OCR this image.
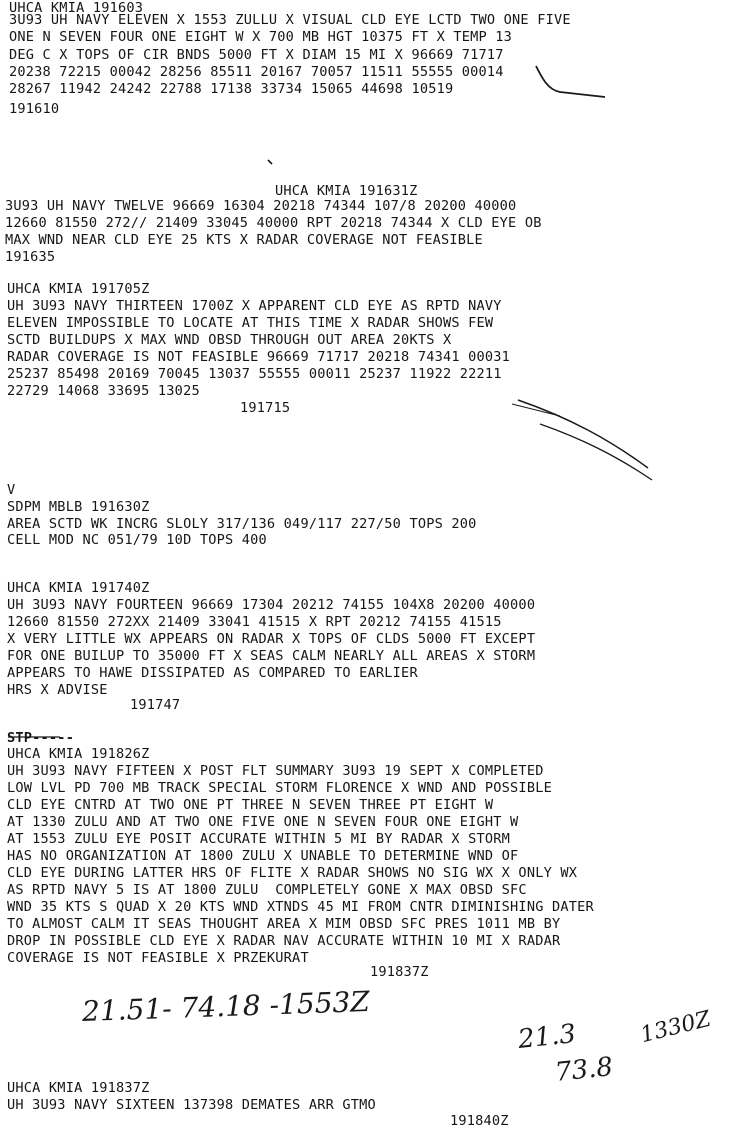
UHCA KMIA 191603
3U93 UH NAVY ELEVEN X 1553 ZULLU X VISUAL CLD EYE LCTD TWO ONE FIVE
ONE N SEVEN FOUR ONE EIGHT W X 700 MB HGT 10375 FT X TEMP 13
DEG C X TOPS OF CIR BNDS 5000 FT X DIAM 15 MI X 96669 71717
20238 72215 00042 28256 85511 20167 70057 11511 55555 00014
28267 11942 24242 22788 17138 33734 15065 44698 10519
191610
UHCA KMIA 191631Z
3U93 UH NAVY TWELVE 96669 16304 20218 74344 107/8 20200 40000
12660 81550 272// 21409 33045 40000 RPT 20218 74344 X CLD EYE OB
MAX WND NEAR CLD EYE 25 KTS X RADAR COVERAGE NOT FEASIBLE
191635
UHCA KMIA 191705Z
UH 3U93 NAVY THIRTEEN 1700Z X APPARENT CLD EYE AS RPTD NAVY
ELEVEN IMPOSSIBLE TO LOCATE AT THIS TIME X RADAR SHOWS FEW
SCTD BUILDUPS X MAX WND OBSD THROUGH OUT AREA 20KTS X
RADAR COVERAGE IS NOT FEASIBLE 96669 71717 20218 74341 00031
25237 85498 20169 70045 13037 55555 00011 25237 11922 22211
22729 14068 33695 13025
191715
V
SDPM MBLB 191630Z
AREA SCTD WK INCRG SLOLY 317/136 049/117 227/50 TOPS 200
CELL MOD NC 051/79 10D TOPS 400
UHCA KMIA 191740Z
UH 3U93 NAVY FOURTEEN 96669 17304 20212 74155 104X8 20200 40000
12660 81550 272XX 21409 33041 41515 X RPT 20212 74155 41515
X VERY LITTLE WX APPEARS ON RADAR X TOPS OF CLDS 5000 FT EXCEPT
FOR ONE BUILUP TO 35000 FT X SEAS CALM NEARLY ALL AREAS X STORM
APPEARS TO HAWE DISSIPATED AS COMPARED TO EARLIER
HRS X ADVISE
191747
STP-----
UHCA KMIA 191826Z
UH 3U93 NAVY FIFTEEN X POST FLT SUMMARY 3U93 19 SEPT X COMPLETED
LOW LVL PD 700 MB TRACK SPECIAL STORM FLORENCE X WND AND POSSIBLE
CLD EYE CNTRD AT TWO ONE PT THREE N SEVEN THREE PT EIGHT W
AT 1330 ZULU AND AT TWO ONE FIVE ONE N SEVEN FOUR ONE EIGHT W
AT 1553 ZULU EYE POSIT ACCURATE WITHIN 5 MI BY RADAR X STORM
HAS NO ORGANIZATION AT 1800 ZULU X UNABLE TO DETERMINE WND OF
CLD EYE DURING LATTER HRS OF FLITE X RADAR SHOWS NO SIG WX X ONLY WX
AS RPTD NAVY 5 IS AT 1800 ZULU  COMPLETELY GONE X MAX OBSD SFC
WND 35 KTS S QUAD X 20 KTS WND XTNDS 45 MI FROM CNTR DIMINISHING DATER
TO ALMOST CALM IT SEAS THOUGHT AREA X MIM OBSD SFC PRES 1011 MB BY
DROP IN POSSIBLE CLD EYE X RADAR NAV ACCURATE WITHIN 10 MI X RADAR
COVERAGE IS NOT FEASIBLE X PRZEKURAT
191837Z
UHCA KMIA 191837Z
UH 3U93 NAVY SIXTEEN 137398 DEMATES ARR GTMO
191840Z
21.51- 74.18 -1553Z
21.3
73.8
1330Z
